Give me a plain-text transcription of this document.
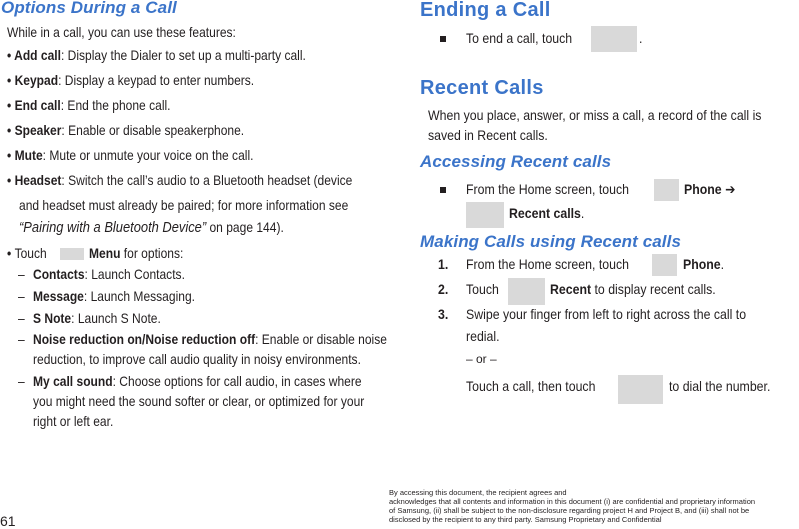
Options During a Call
While in a call, you can use these features:
• Add call: Display the Dialer to set up a multi-party call.
• Keypad: Display a keypad to enter numbers.
• End call: End the phone call.
• Speaker: Enable or disable speakerphone.
• Mute: Mute or unmute your voice on the call.
• Headset: Switch the call’s audio to a Bluetooth headset (device
and headset must already be paired; for more information see
“Pairing with a Bluetooth Device” on page 144).
• Touch	Menu for options:
– Contacts: Launch Contacts.
– Message: Launch Messaging.
– S Note: Launch S Note.
– Noise reduction on/Noise reduction off: Enable or disable noise
reduction, to improve call audio quality in noisy environments.
– My call sound: Choose options for call audio, in cases where
you might need the sound softer or clear, or optimized for your
right or left ear.
Ending a Call
To end a call, touch	.
Recent Calls
When you place, answer, or miss a call, a record of the call is
saved in Recent calls.
Accessing Recent calls
From the Home screen, touch	Phone ➔
Recent calls.
Making Calls using Recent calls
1. From the Home screen, touch	Phone.
2. Touch	Recent to display recent calls.
3. Swipe your finger from left to right across the call to
redial.
– or –
Touch a call, then touch	to dial the number.
61
By accessing this document, the recipient agrees and
acknowledges that all contents and information in this document (i) are confidential and proprietary information
of Samsung, (ii) shall be subject to the non-disclosure regarding project H and Project B, and (iii) shall not be
disclosed by the recipient to any third party. Samsung Proprietary and Confidential
